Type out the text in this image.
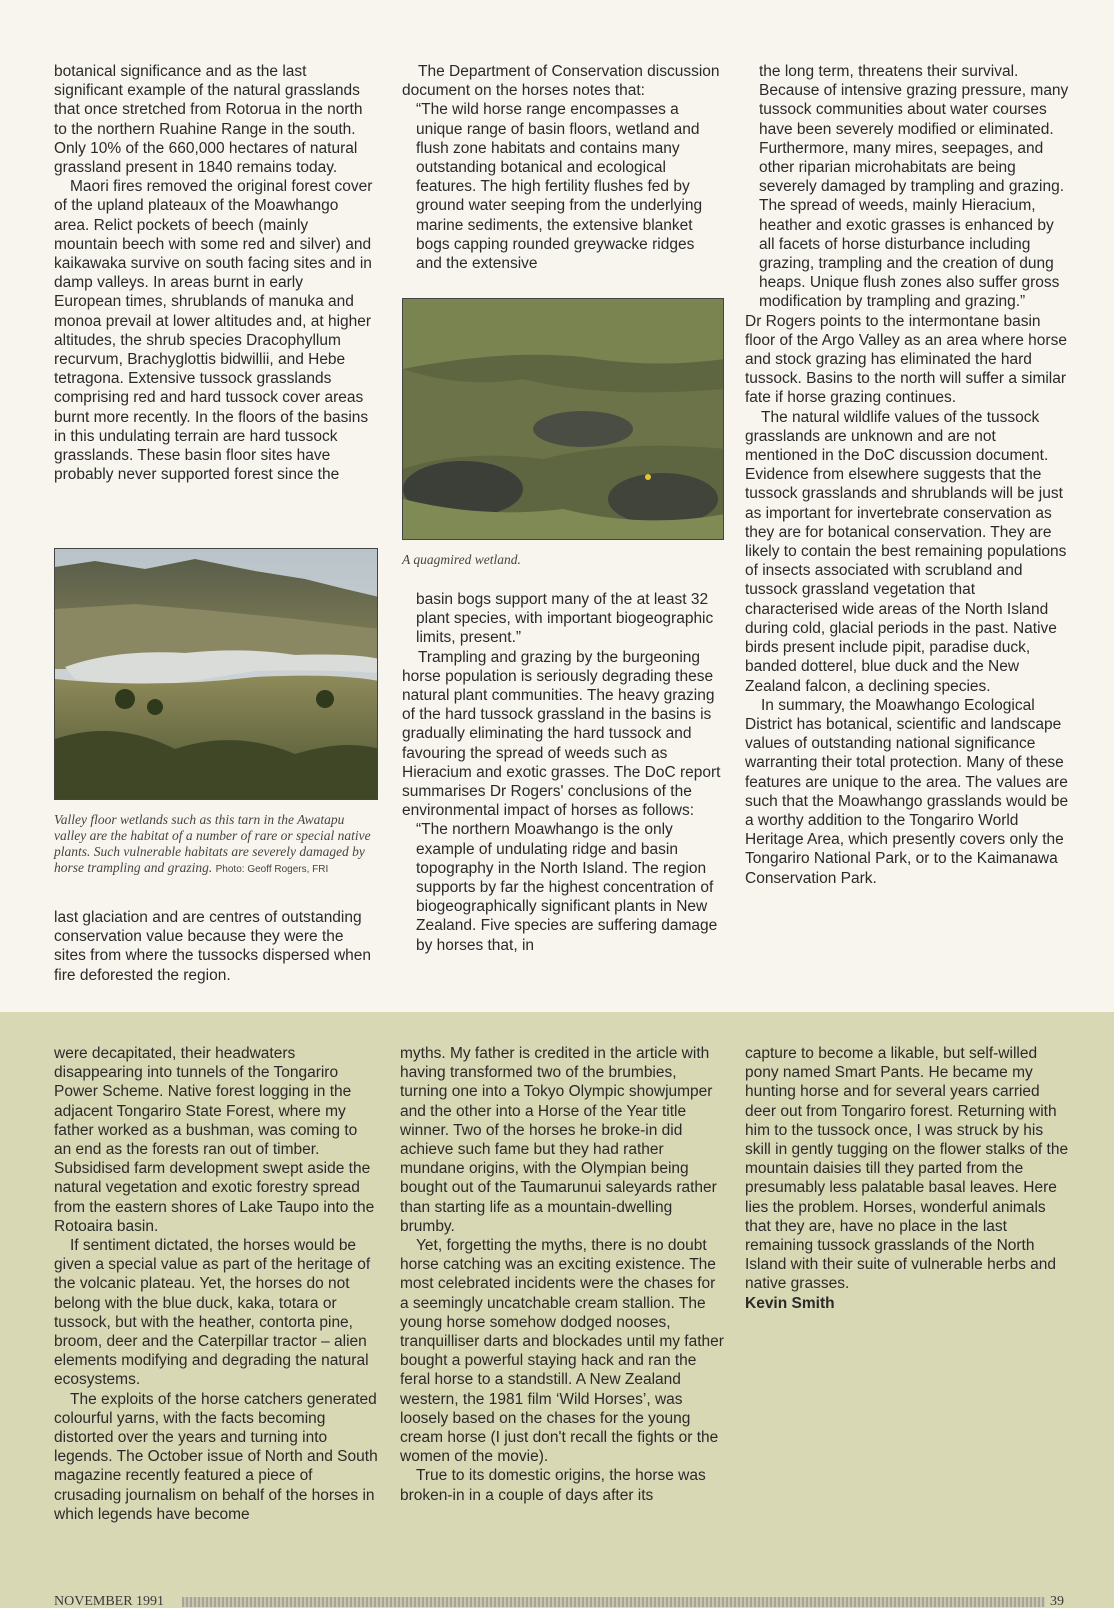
botanical significance and as the last significant example of the natural grasslands that once stretched from Rotorua in the north to the northern Ruahine Range in the south. Only 10% of the 660,000 hectares of natural grassland present in 1840 remains today.

Maori fires removed the original forest cover of the upland plateaux of the Moawhango area. Relict pockets of beech (mainly mountain beech with some red and silver) and kaikawaka survive on south facing sites and in damp valleys. In areas burnt in early European times, shrublands of manuka and monoa prevail at lower altitudes and, at higher altitudes, the shrub species Dracophyllum recurvum, Brachyglottis bidwillii, and Hebe tetragona. Extensive tussock grasslands comprising red and hard tussock cover areas burnt more recently. In the floors of the basins in this undulating terrain are hard tussock grasslands. These basin floor sites have probably never supported forest since the

Valley floor wetlands such as this tarn in the Awatapu valley are the habitat of a number of rare or special native plants. Such vulnerable habitats are severely damaged by horse trampling and grazing. Photo: Geoff Rogers, FRI

last glaciation and are centres of outstanding conservation value because they were the sites from where the tussocks dispersed when fire deforested the region.

The Department of Conservation discussion document on the horses notes that:

“The wild horse range encompasses a unique range of basin floors, wetland and flush zone habitats and contains many outstanding botanical and ecological features. The high fertility flushes fed by ground water seeping from the underlying marine sediments, the extensive blanket bogs capping rounded greywacke ridges and the extensive

A quagmired wetland.

basin bogs support many of the at least 32 plant species, with important biogeographic limits, present.”

Trampling and grazing by the burgeoning horse population is seriously degrading these natural plant communities. The heavy grazing of the hard tussock grassland in the basins is gradually eliminating the hard tussock and favouring the spread of weeds such as Hieracium and exotic grasses. The DoC report summarises Dr Rogers' conclusions of the environmental impact of horses as follows:

“The northern Moawhango is the only example of undulating ridge and basin topography in the North Island. The region supports by far the highest concentration of biogeographically significant plants in New Zealand. Five species are suffering damage by horses that, in

the long term, threatens their survival. Because of intensive grazing pressure, many tussock communities about water courses have been severely modified or eliminated. Furthermore, many mires, seepages, and other riparian microhabitats are being severely damaged by trampling and grazing. The spread of weeds, mainly Hieracium, heather and exotic grasses is enhanced by all facets of horse disturbance including grazing, trampling and the creation of dung heaps. Unique flush zones also suffer gross modification by trampling and grazing.”

Dr Rogers points to the intermontane basin floor of the Argo Valley as an area where horse and stock grazing has eliminated the hard tussock. Basins to the north will suffer a similar fate if horse grazing continues.

The natural wildlife values of the tussock grasslands are unknown and are not mentioned in the DoC discussion document. Evidence from elsewhere suggests that the tussock grasslands and shrublands will be just as important for invertebrate conservation as they are for botanical conservation. They are likely to contain the best remaining populations of insects associated with scrubland and tussock grassland vegetation that characterised wide areas of the North Island during cold, glacial periods in the past. Native birds present include pipit, paradise duck, banded dotterel, blue duck and the New Zealand falcon, a declining species.

In summary, the Moawhango Ecological District has botanical, scientific and landscape values of outstanding national significance warranting their total protection. Many of these features are unique to the area. The values are such that the Moawhango grasslands would be a worthy addition to the Tongariro World Heritage Area, which presently covers only the Tongariro National Park, or to the Kaimanawa Conservation Park.

were decapitated, their headwaters disappearing into tunnels of the Tongariro Power Scheme. Native forest logging in the adjacent Tongariro State Forest, where my father worked as a bushman, was coming to an end as the forests ran out of timber. Subsidised farm development swept aside the natural vegetation and exotic forestry spread from the eastern shores of Lake Taupo into the Rotoaira basin.

If sentiment dictated, the horses would be given a special value as part of the heritage of the volcanic plateau. Yet, the horses do not belong with the blue duck, kaka, totara or tussock, but with the heather, contorta pine, broom, deer and the Caterpillar tractor – alien elements modifying and degrading the natural ecosystems.

The exploits of the horse catchers generated colourful yarns, with the facts becoming distorted over the years and turning into legends. The October issue of North and South magazine recently featured a piece of crusading journalism on behalf of the horses in which legends have become

myths. My father is credited in the article with having transformed two of the brumbies, turning one into a Tokyo Olympic showjumper and the other into a Horse of the Year title winner. Two of the horses he broke-in did achieve such fame but they had rather mundane origins, with the Olympian being bought out of the Taumarunui saleyards rather than starting life as a mountain-dwelling brumby.

Yet, forgetting the myths, there is no doubt horse catching was an exciting existence. The most celebrated incidents were the chases for a seemingly uncatchable cream stallion. The young horse somehow dodged nooses, tranquilliser darts and blockades until my father bought a powerful staying hack and ran the feral horse to a standstill. A New Zealand western, the 1981 film ‘Wild Horses’, was loosely based on the chases for the young cream horse (I just don't recall the fights or the women of the movie).

True to its domestic origins, the horse was broken-in in a couple of days after its

capture to become a likable, but self-willed pony named Smart Pants. He became my hunting horse and for several years carried deer out from Tongariro forest. Returning with him to the tussock once, I was struck by his skill in gently tugging on the flower stalks of the mountain daisies till they parted from the presumably less palatable basal leaves. Here lies the problem. Horses, wonderful animals that they are, have no place in the last remaining tussock grasslands of the North Island with their suite of vulnerable herbs and native grasses.

Kevin Smith

NOVEMBER 1991	39
